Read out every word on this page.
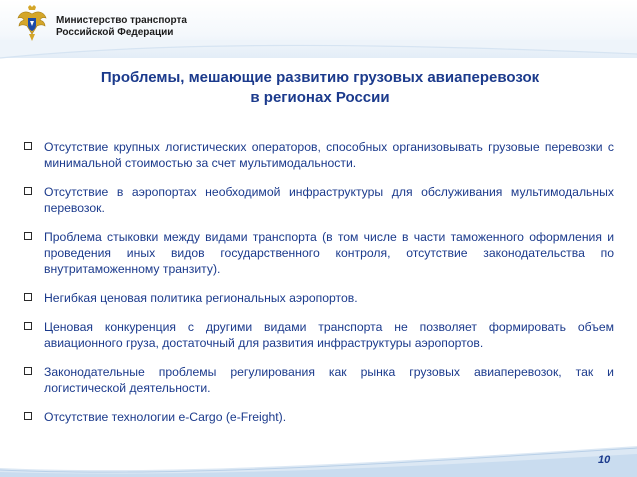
Министерство транспорта
Российской Федерации
Проблемы, мешающие развитию грузовых авиаперевозок
в регионах России
Отсутствие крупных логистических операторов, способных организовывать грузовые перевозки с минимальной стоимостью за счет мультимодальности.
Отсутствие в аэропортах необходимой инфраструктуры для обслуживания мультимодальных перевозок.
Проблема стыковки между видами транспорта (в том числе в части таможенного оформления и проведения иных видов государственного контроля, отсутствие законодательства по внутритаможенному транзиту).
Негибкая ценовая политика региональных аэропортов.
Ценовая конкуренция с другими видами транспорта не позволяет формировать объем авиационного груза, достаточный для развития инфраструктуры аэропортов.
Законодательные проблемы регулирования как рынка грузовых авиаперевозок, так и логистической деятельности.
Отсутствие технологии e-Cargo (e-Freight).
10
